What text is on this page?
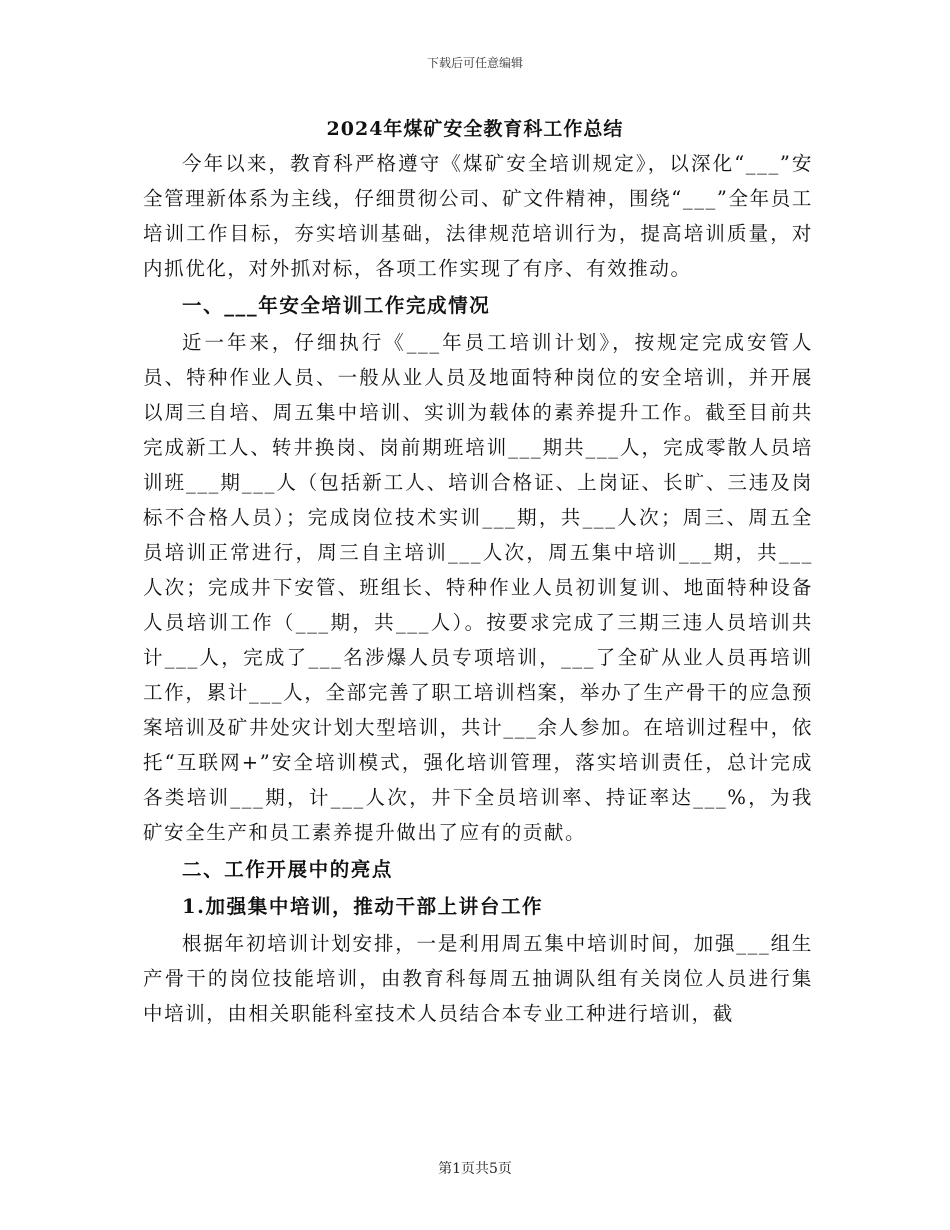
下载后可任意编辑
2024年煤矿安全教育科工作总结

今年以来，教育科严格遵守《煤矿安全培训规定》，以深化“___”安全管理新体系为主线，仔细贯彻公司、矿文件精神，围绕“___”全年员工培训工作目标，夯实培训基础，法律规范培训行为，提高培训质量，对内抓优化，对外抓对标，各项工作实现了有序、有效推动。

一、___年安全培训工作完成情况

近一年来，仔细执行《___年员工培训计划》，按规定完成安管人员、特种作业人员、一般从业人员及地面特种岗位的安全培训，并开展以周三自培、周五集中培训、实训为载体的素养提升工作。截至目前共完成新工人、转井换岗、岗前期班培训___期共___人，完成零散人员培训班___期___人（包括新工人、培训合格证、上岗证、长旷、三违及岗标不合格人员）；完成岗位技术实训___期，共___人次；周三、周五全员培训正常进行，周三自主培训___人次，周五集中培训___期，共___人次；完成井下安管、班组长、特种作业人员初训复训、地面特种设备人员培训工作（___期，共___人）。按要求完成了三期三违人员培训共计___人，完成了___名涉爆人员专项培训，___了全矿从业人员再培训工作，累计___人，全部完善了职工培训档案，举办了生产骨干的应急预案培训及矿井处灾计划大型培训，共计___余人参加。在培训过程中，依托“互联网+”安全培训模式，强化培训管理，落实培训责任，总计完成各类培训___期，计___人次，井下全员培训率、持证率达___%，为我矿安全生产和员工素养提升做出了应有的贡献。

二、工作开展中的亮点

1.加强集中培训，推动干部上讲台工作

根据年初培训计划安排，一是利用周五集中培训时间，加强___组生产骨干的岗位技能培训，由教育科每周五抽调队组有关岗位人员进行集中培训，由相关职能科室技术人员结合本专业工种进行培训，截

第1页共5页
